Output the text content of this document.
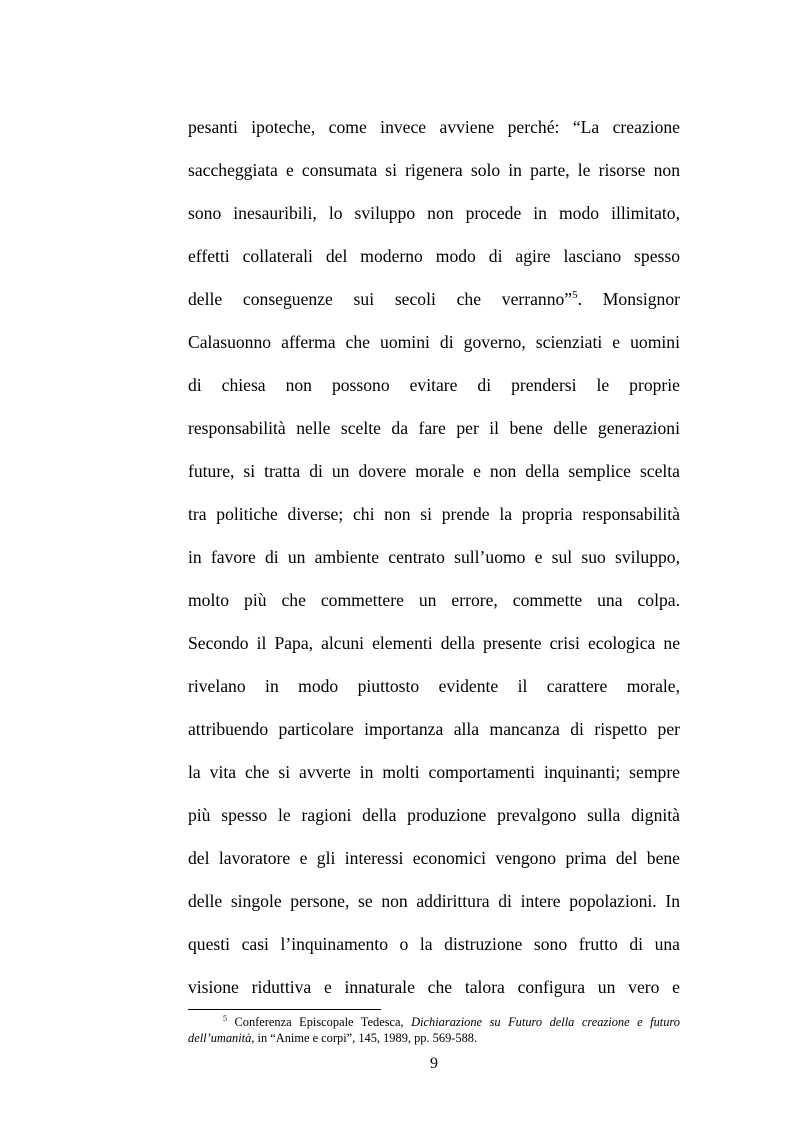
pesanti ipoteche, come invece avviene perché: “La creazione
saccheggiata e consumata si rigenera solo in parte, le risorse non
sono inesauribili, lo sviluppo non procede in modo illimitato,
effetti collaterali del moderno modo di agire lasciano spesso
delle conseguenze sui secoli che verranno”$^5$. Monsignor
Calasuonno afferma che uomini di governo, scienziati e uomini
di chiesa non possono evitare di prendersi le proprie
responsabilità nelle scelte da fare per il bene delle generazioni
future, si tratta di un dovere morale e non della semplice scelta
tra politiche diverse; chi non si prende la propria responsabilità
in favore di un ambiente centrato sull’uomo e sul suo sviluppo,
molto più che commettere un errore, commette una colpa.
Secondo il Papa, alcuni elementi della presente crisi ecologica ne
rivelano in modo piuttosto evidente il carattere morale,
attribuendo particolare importanza alla mancanza di rispetto per
la vita che si avverte in molti comportamenti inquinanti; sempre
più spesso le ragioni della produzione prevalgono sulla dignità
del lavoratore e gli interessi economici vengono prima del bene
delle singole persone, se non addirittura di intere popolazioni. In
questi casi l’inquinamento o la distruzione sono frutto di una
visione riduttiva e innaturale che talora configura un vero e
$^5$ Conferenza Episcopale Tedesca, Dichiarazione su Futuro della creazione e futuro
dell’umanità, in “Anime e corpi”, 145, 1989, pp. 569-588.
9
